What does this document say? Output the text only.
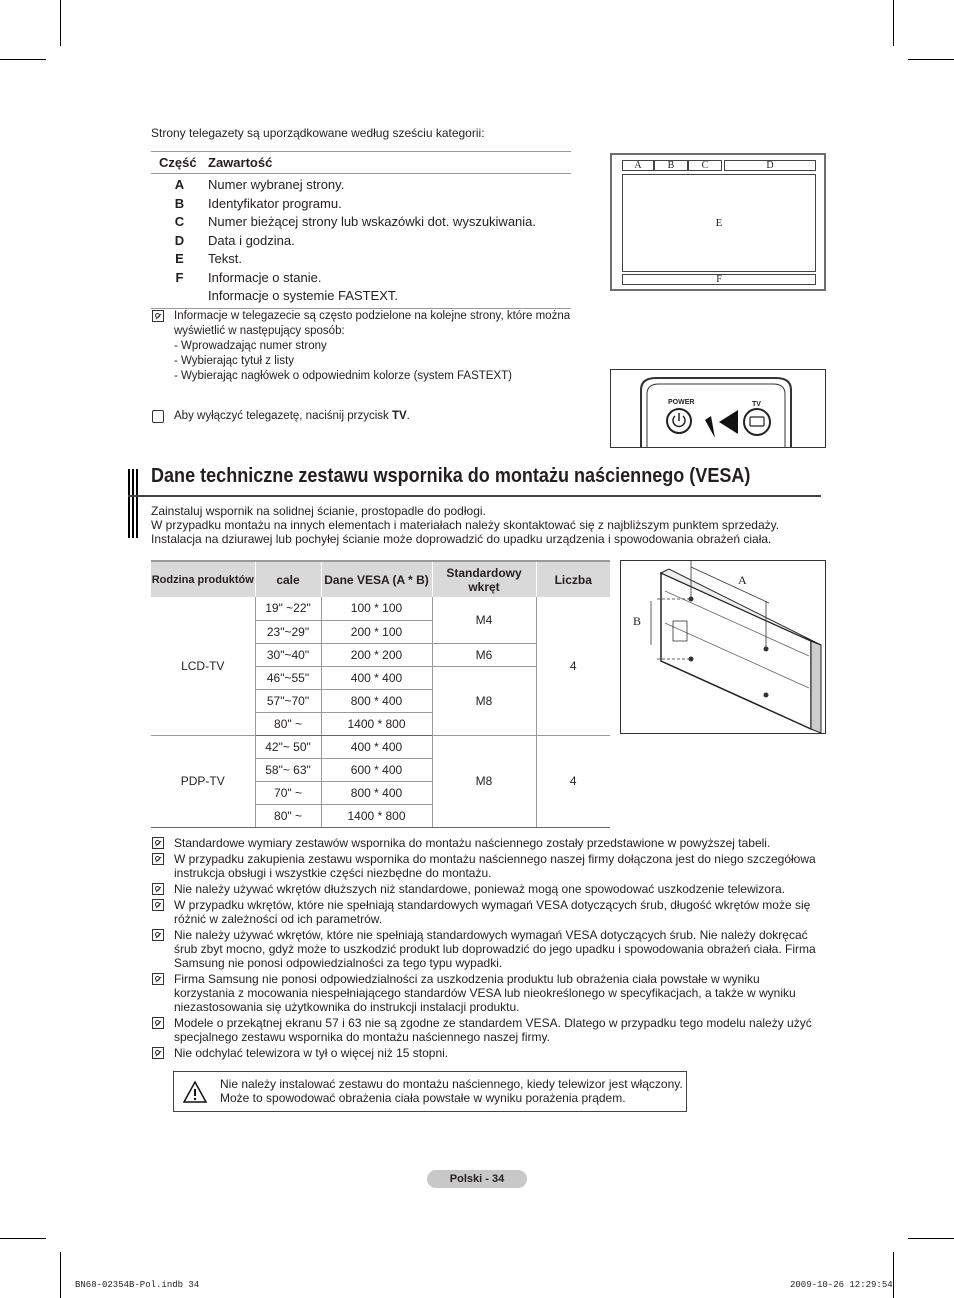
Strony telegazety są uporządkowane według sześciu kategorii:
Część Zawartość
A	Numer wybranej strony.
B	Identyfikator programu.
C	Numer bieżącej strony lub wskazówki dot. wyszukiwania.
D	Data i godzina.
E	Tekst.
F	Informacje o stanie.
Informacje o systemie FASTEXT.
A	B	C	D
E
F
Informacje w telegazecie są często podzielone na kolejne strony, które można wyświetlić w następujący sposób:
- Wprowadzając numer strony
- Wybierając tytuł z listy
- Wybierając nagłówek o odpowiednim kolorze (system FASTEXT)
Aby wyłączyć telegazetę, naciśnij przycisk TV.
POWER	TV
Dane techniczne zestawu wspornika do montażu naściennego (VESA)
Zainstaluj wspornik na solidnej ścianie, prostopadle do podłogi.
W przypadku montażu na innych elementach i materiałach należy skontaktować się z najbliższym punktem sprzedaży.
Instalacja na dziurawej lub pochyłej ścianie może doprowadzić do upadku urządzenia i spowodowania obrażeń ciała.
Rodzina produktów	cale	Dane VESA (A * B)	Standardowy wkręt	Liczba
LCD-TV	19" ~22"	100 * 100	M4	4
	23"~29"	200 * 100		
	30"~40"	200 * 200	M6	
	46"~55"	400 * 400	M8	
	57"~70"	800 * 400		
	80" ~	1400 * 800		
PDP-TV	42"~ 50"	400 * 400	M8	4
	58"~ 63"	600 * 400		
	70" ~	800 * 400		
	80" ~	1400 * 800		
A
B
Standardowe wymiary zestawów wspornika do montażu naściennego zostały przedstawione w powyższej tabeli.
W przypadku zakupienia zestawu wspornika do montażu naściennego naszej firmy dołączona jest do niego szczegółowa instrukcja obsługi i wszystkie części niezbędne do montażu.
Nie należy używać wkrętów dłuższych niż standardowe, ponieważ mogą one spowodować uszkodzenie telewizora.
W przypadku wkrętów, które nie spełniają standardowych wymagań VESA dotyczących śrub, długość wkrętów może się różnić w zależności od ich parametrów.
Nie należy używać wkrętów, które nie spełniają standardowych wymagań VESA dotyczących śrub. Nie należy dokręcać śrub zbyt mocno, gdyż może to uszkodzić produkt lub doprowadzić do jego upadku i spowodowania obrażeń ciała. Firma Samsung nie ponosi odpowiedzialności za tego typu wypadki.
Firma Samsung nie ponosi odpowiedzialności za uszkodzenia produktu lub obrażenia ciała powstałe w wyniku korzystania z mocowania niespełniającego standardów VESA lub nieokreślonego w specyfikacjach, a także w wyniku niezastosowania się użytkownika do instrukcji instalacji produktu.
Modele o przekątnej ekranu 57 i 63 nie są zgodne ze standardem VESA. Dlatego w przypadku tego modelu należy użyć specjalnego zestawu wspornika do montażu naściennego naszej firmy.
Nie odchylać telewizora w tył o więcej niż 15 stopni.
Nie należy instalować zestawu do montażu naściennego, kiedy telewizor jest włączony.
Może to spowodować obrażenia ciała powstałe w wyniku porażenia prądem.
Polski - 34
BN68-02354B-Pol.indb 34	2009-10-26 12:29:54
